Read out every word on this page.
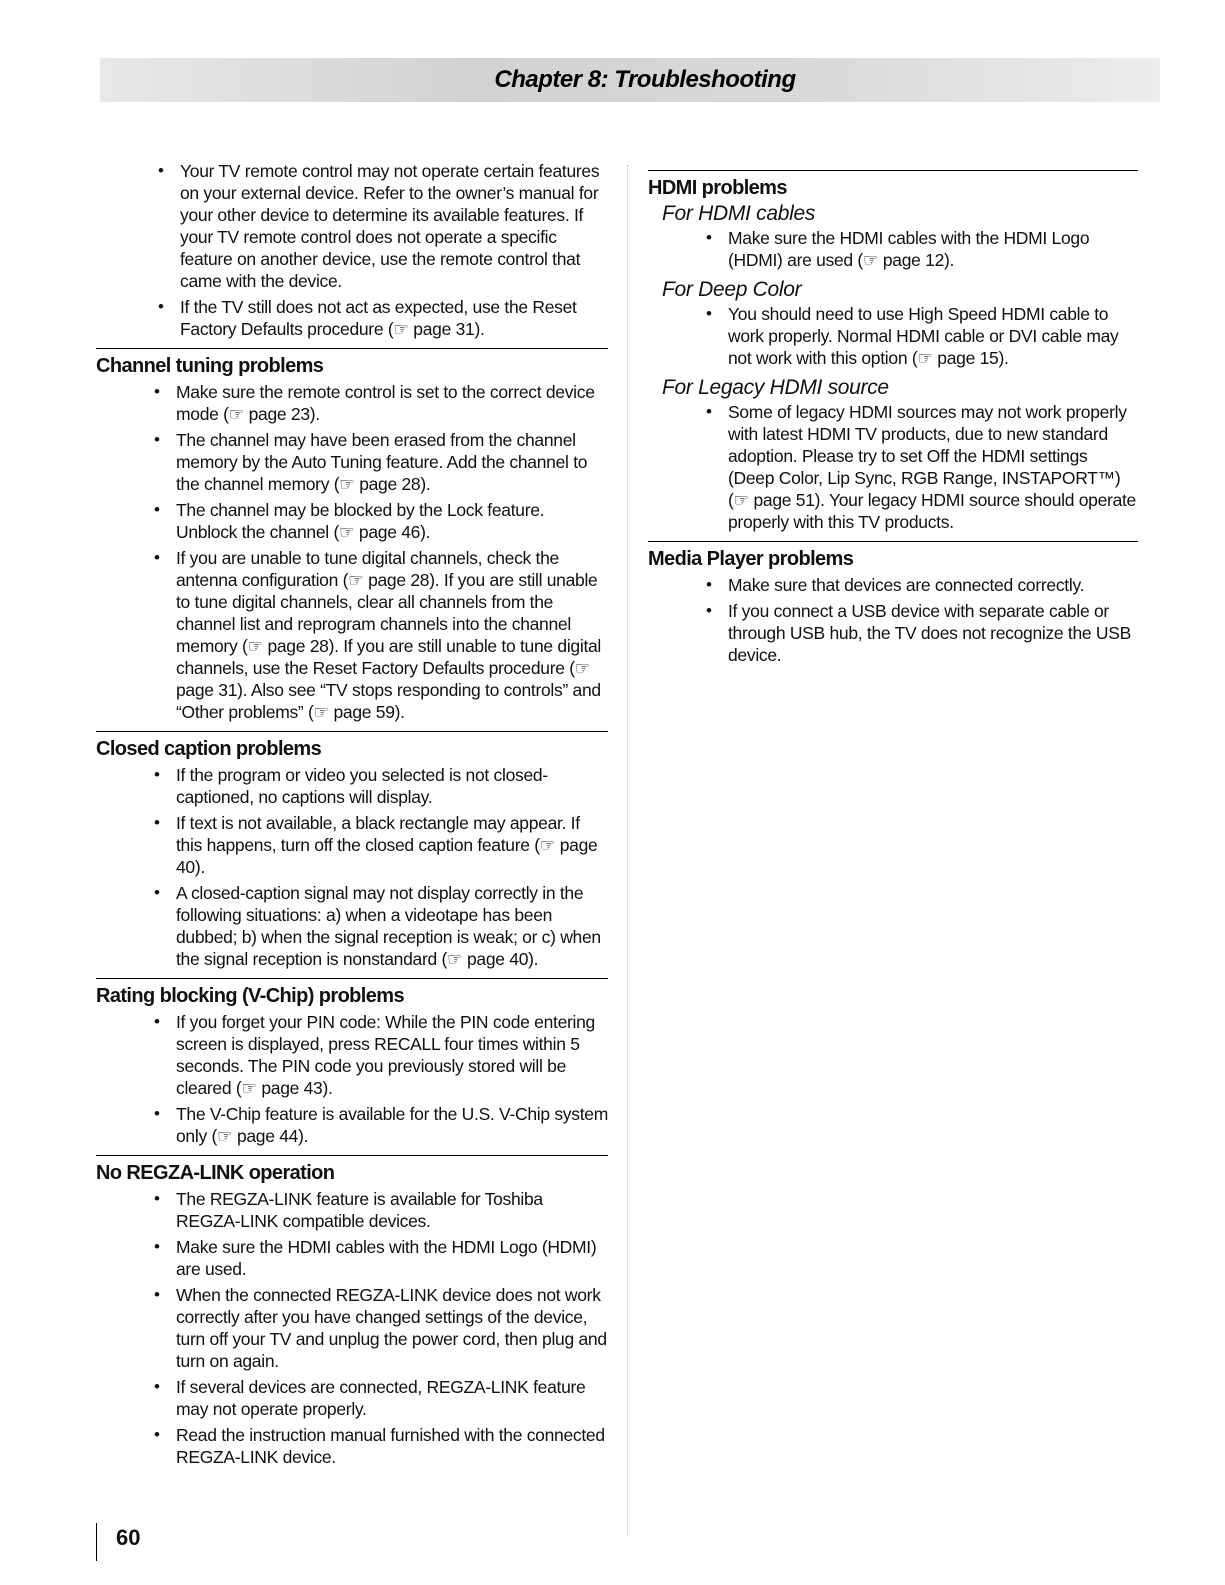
Chapter 8: Troubleshooting
• Your TV remote control may not operate certain features on your external device. Refer to the owner’s manual for your other device to determine its available features. If your TV remote control does not operate a specific feature on another device, use the remote control that came with the device.
• If the TV still does not act as expected, use the Reset Factory Defaults procedure (☞ page 31).
Channel tuning problems
• Make sure the remote control is set to the correct device mode (☞ page 23).
• The channel may have been erased from the channel memory by the Auto Tuning feature. Add the channel to the channel memory (☞ page 28).
• The channel may be blocked by the Lock feature. Unblock the channel (☞ page 46).
• If you are unable to tune digital channels, check the antenna configuration (☞ page 28). If you are still unable to tune digital channels, clear all channels from the channel list and reprogram channels into the channel memory (☞ page 28). If you are still unable to tune digital channels, use the Reset Factory Defaults procedure (☞ page 31). Also see “TV stops responding to controls” and “Other problems” (☞ page 59).
Closed caption problems
• If the program or video you selected is not closed-captioned, no captions will display.
• If text is not available, a black rectangle may appear. If this happens, turn off the closed caption feature (☞ page 40).
• A closed-caption signal may not display correctly in the following situations: a) when a videotape has been dubbed; b) when the signal reception is weak; or c) when the signal reception is nonstandard (☞ page 40).
Rating blocking (V-Chip) problems
• If you forget your PIN code: While the PIN code entering screen is displayed, press RECALL four times within 5 seconds. The PIN code you previously stored will be cleared (☞ page 43).
• The V-Chip feature is available for the U.S. V-Chip system only (☞ page 44).
No REGZA-LINK operation
• The REGZA-LINK feature is available for Toshiba REGZA-LINK compatible devices.
• Make sure the HDMI cables with the HDMI Logo (HDMI) are used.
• When the connected REGZA-LINK device does not work correctly after you have changed settings of the device, turn off your TV and unplug the power cord, then plug and turn on again.
• If several devices are connected, REGZA-LINK feature may not operate properly.
• Read the instruction manual furnished with the connected REGZA-LINK device.
HDMI problems
For HDMI cables
• Make sure the HDMI cables with the HDMI Logo (HDMI) are used (☞ page 12).
For Deep Color
• You should need to use High Speed HDMI cable to work properly. Normal HDMI cable or DVI cable may not work with this option (☞ page 15).
For Legacy HDMI source
• Some of legacy HDMI sources may not work properly with latest HDMI TV products, due to new standard adoption. Please try to set Off the HDMI settings (Deep Color, Lip Sync, RGB Range, INSTAPORT™) (☞ page 51). Your legacy HDMI source should operate properly with this TV products.
Media Player problems
• Make sure that devices are connected correctly.
• If you connect a USB device with separate cable or through USB hub, the TV does not recognize the USB device.
60
